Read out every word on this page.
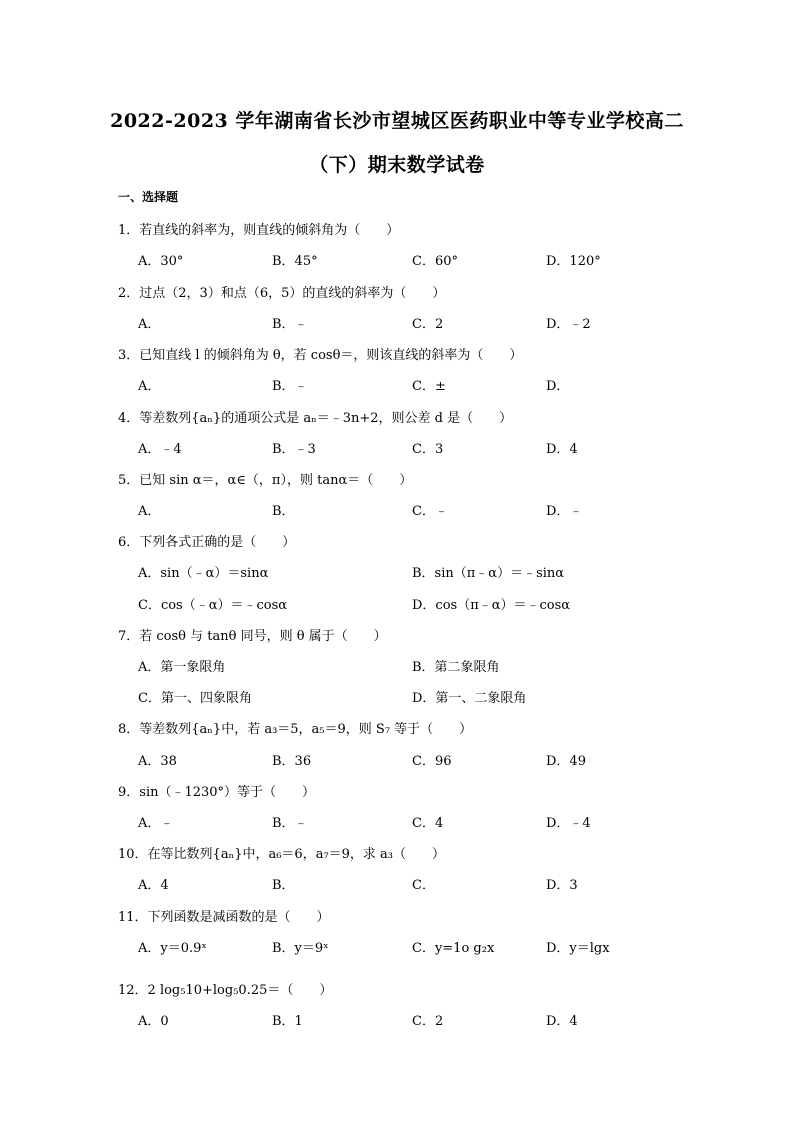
2022-2023 学年湖南省长沙市望城区医药职业中等专业学校高二
（下）期末数学试卷
一、选择题
1．若直线的斜率为，则直线的倾斜角为（　　）
A．30°	B．45°	C．60°	D．120°
2．过点（2，3）和点（6，5）的直线的斜率为（　　）
A．	B．﹣	C．2	D．﹣2
3．已知直线 l 的倾斜角为 θ，若 cosθ＝，则该直线的斜率为（　　）
A．	B．﹣	C．±	D．
4．等差数列{aₙ}的通项公式是 aₙ＝﹣3n+2，则公差 d 是（　　）
A．﹣4	B．﹣3	C．3	D．4
5．已知 sin α＝，α∈（，π），则 tanα＝（　　）
A．	B．	C．﹣	D．﹣
6．下列各式正确的是（　　）
A．sin（﹣α）＝sinα	B．sin（π﹣α）＝﹣sinα
C．cos（﹣α）＝﹣cosα	D．cos（π﹣α）＝﹣cosα
7．若 cosθ 与 tanθ 同号，则 θ 属于（　　）
A．第一象限角	B．第二象限角
C．第一、四象限角	D．第一、二象限角
8．等差数列{aₙ}中，若 a₃＝5，a₅＝9，则 S₇ 等于（　　）
A．38	B．36	C．96	D．49
9．sin（﹣1230°）等于（　　）
A．﹣	B．﹣	C．4	D．﹣4
10．在等比数列{aₙ}中，a₆＝6，a₇＝9，求 a₃（　　）
A．4	B．	C．	D．3
11．下列函数是减函数的是（　　）
A．y＝0.9ˣ	B．y＝9ˣ	C．y=1o g₂x	D．y＝lgx
12．2 log₅10+log₅0.25＝（　　）
A．0	B．1	C．2	D．4
